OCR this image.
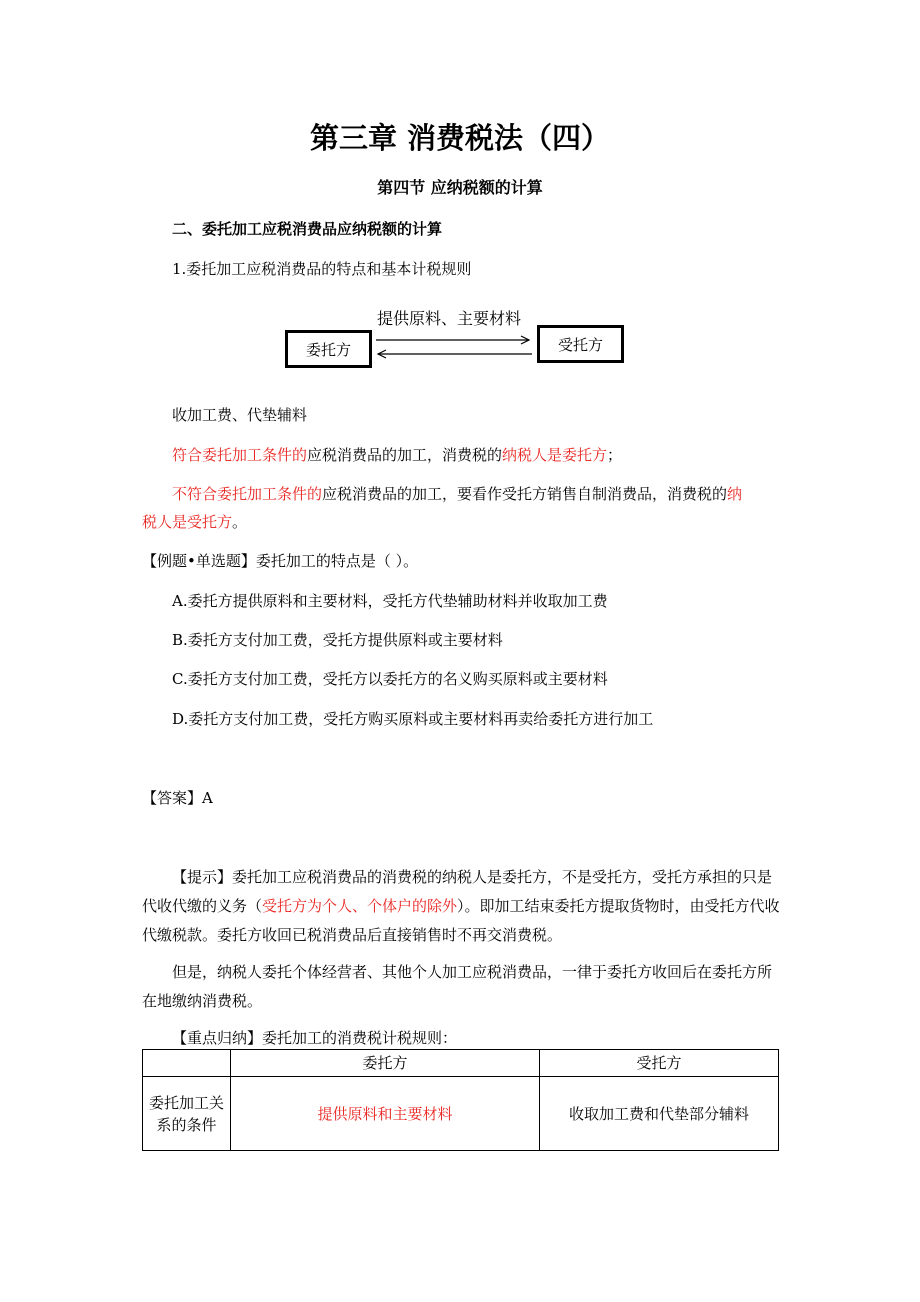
第三章 消费税法（四）
第四节 应纳税额的计算
二、委托加工应税消费品应纳税额的计算
1.委托加工应税消费品的特点和基本计税规则
委托方	受托方
提供原料、主要材料
收加工费、代垫辅料
符合委托加工条件的应税消费品的加工，消费税的纳税人是委托方；
不符合委托加工条件的应税消费品的加工，要看作受托方销售自制消费品，消费税的纳税人是受托方。
【例题•单选题】委托加工的特点是（ ）。
A.委托方提供原料和主要材料，受托方代垫辅助材料并收取加工费
B.委托方支付加工费，受托方提供原料或主要材料
C.委托方支付加工费，受托方以委托方的名义购买原料或主要材料
D.委托方支付加工费，受托方购买原料或主要材料再卖给委托方进行加工
【答案】A
【提示】委托加工应税消费品的消费税的纳税人是委托方，不是受托方，受托方承担的只是代收代缴的义务（受托方为个人、个体户的除外）。即加工结束委托方提取货物时，由受托方代收代缴税款。委托方收回已税消费品后直接销售时不再交消费税。
但是，纳税人委托个体经营者、其他个人加工应税消费品，一律于委托方收回后在委托方所在地缴纳消费税。
【重点归纳】委托加工的消费税计税规则：
	委托方	受托方
委托加工关系的条件	提供原料和主要材料	收取加工费和代垫部分辅料
